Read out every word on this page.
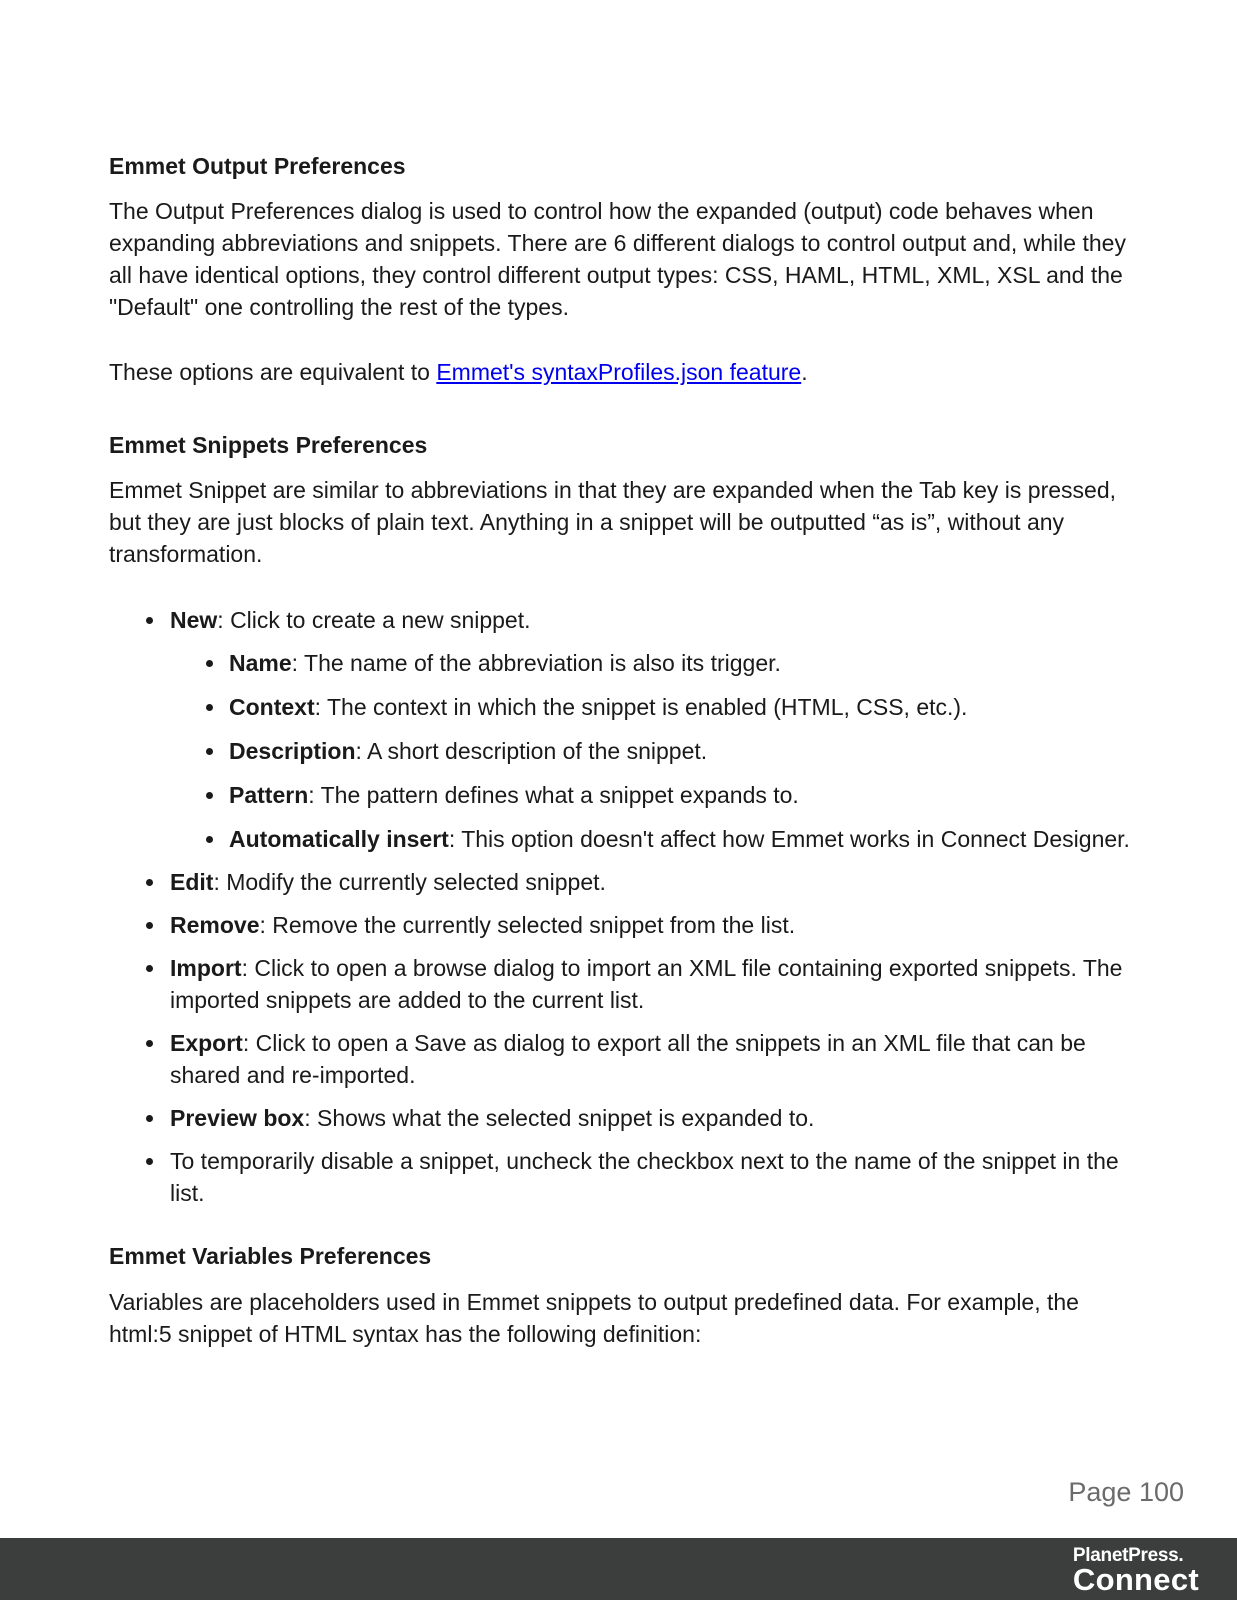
Emmet Output Preferences

The Output Preferences dialog is used to control how the expanded (output) code behaves when expanding abbreviations and snippets. There are 6 different dialogs to control output and, while they all have identical options, they control different output types: CSS, HAML, HTML, XML, XSL and the "Default" one controlling the rest of the types.

These options are equivalent to Emmet's syntaxProfiles.json feature.

Emmet Snippets Preferences

Emmet Snippet are similar to abbreviations in that they are expanded when the Tab key is pressed, but they are just blocks of plain text. Anything in a snippet will be outputted “as is”, without any transformation.

New: Click to create a new snippet.
Name: The name of the abbreviation is also its trigger.
Context: The context in which the snippet is enabled (HTML, CSS, etc.).
Description: A short description of the snippet.
Pattern: The pattern defines what a snippet expands to.
Automatically insert: This option doesn't affect how Emmet works in Connect Designer.
Edit: Modify the currently selected snippet.
Remove: Remove the currently selected snippet from the list.
Import: Click to open a browse dialog to import an XML file containing exported snippets. The imported snippets are added to the current list.
Export: Click to open a Save as dialog to export all the snippets in an XML file that can be shared and re-imported.
Preview box: Shows what the selected snippet is expanded to.
To temporarily disable a snippet, uncheck the checkbox next to the name of the snippet in the list.
Emmet Variables Preferences

Variables are placeholders used in Emmet snippets to output predefined data. For example, the html:5 snippet of HTML syntax has the following definition:

Page 100
PlanetPress.
Connect
